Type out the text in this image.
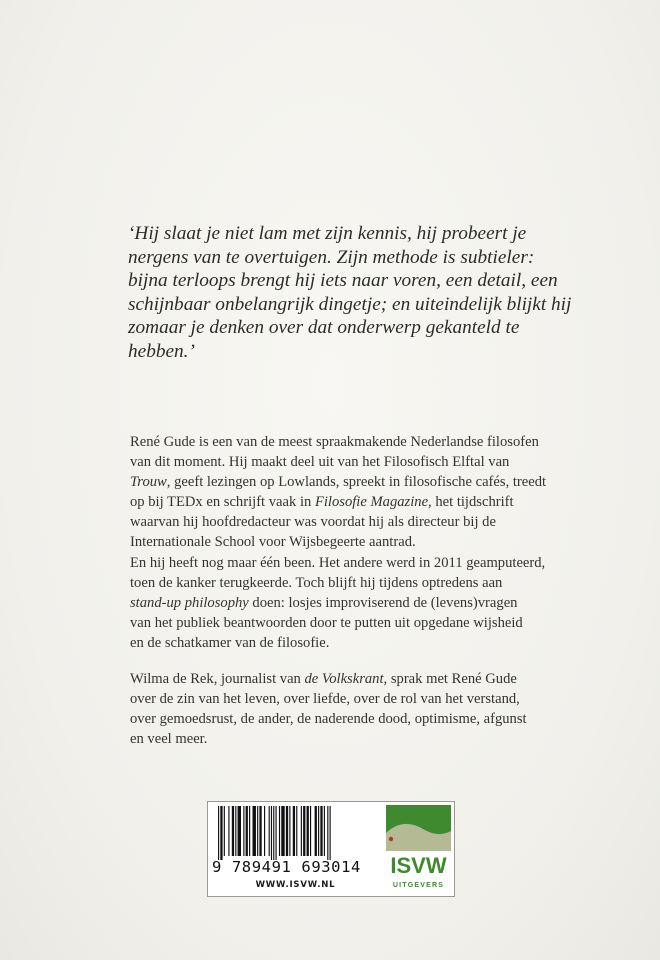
‘Hij slaat je niet lam met zijn kennis, hij probeert je
nergens van te overtuigen. Zijn methode is subtieler:
bijna terloops brengt hij iets naar voren, een detail, een
schijnbaar onbelangrijk dingetje; en uiteindelijk blijkt hij
zomaar je denken over dat onderwerp gekanteld te
hebben.’
René Gude is een van de meest spraakmakende Nederlandse filosofen
van dit moment. Hij maakt deel uit van het Filosofisch Elftal van
Trouw, geeft lezingen op Lowlands, spreekt in filosofische cafés, treedt
op bij TEDx en schrijft vaak in Filosofie Magazine, het tijdschrift
waarvan hij hoofdredacteur was voordat hij als directeur bij de
Internationale School voor Wijsbegeerte aantrad.
En hij heeft nog maar één been. Het andere werd in 2011 geamputeerd,
toen de kanker terugkeerde. Toch blijft hij tijdens optredens aan
stand-up philosophy doen: losjes improviserend de (levens)vragen
van het publiek beantwoorden door te putten uit opgedane wijsheid
en de schatkamer van de filosofie.
Wilma de Rek, journalist van de Volkskrant, sprak met René Gude
over de zin van het leven, over liefde, over de rol van het verstand,
over gemoedsrust, de ander, de naderende dood, optimisme, afgunst
en veel meer.
9 789491 693014
WWW.ISVW.NL
ISVW
UITGEVERS
